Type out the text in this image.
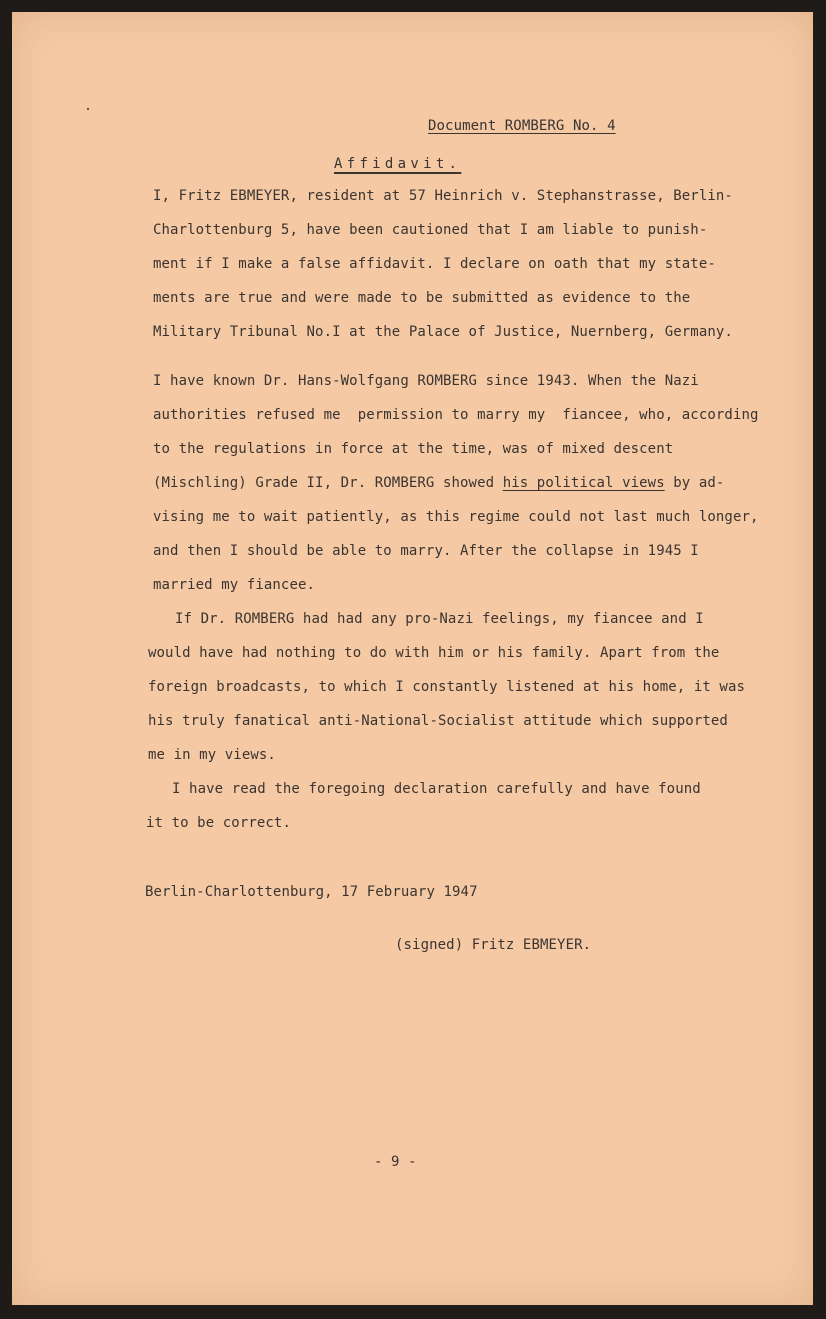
Document ROMBERG No. 4
Affidavit.
I, Fritz EBMEYER, resident at 57 Heinrich v. Stephanstrasse, Berlin-
Charlottenburg 5, have been cautioned that I am liable to punish-
ment if I make a false affidavit. I declare on oath that my state-
ments are true and were made to be submitted as evidence to the
Military Tribunal No.I at the Palace of Justice, Nuernberg, Germany.
I have known Dr. Hans-Wolfgang ROMBERG since 1943. When the Nazi
authorities refused me  permission to marry my  fiancee, who, according
to the regulations in force at the time, was of mixed descent
(Mischling) Grade II, Dr. ROMBERG showed his political views by ad-
vising me to wait patiently, as this regime could not last much longer,
and then I should be able to marry. After the collapse in 1945 I
married my fiancee.
If Dr. ROMBERG had had any pro-Nazi feelings, my fiancee and I
would have had nothing to do with him or his family. Apart from the
foreign broadcasts, to which I constantly listened at his home, it was
his truly fanatical anti-National-Socialist attitude which supported
me in my views.
I have read the foregoing declaration carefully and have found
it to be correct.
Berlin-Charlottenburg, 17 February 1947
(signed) Fritz EBMEYER.
- 9 -
